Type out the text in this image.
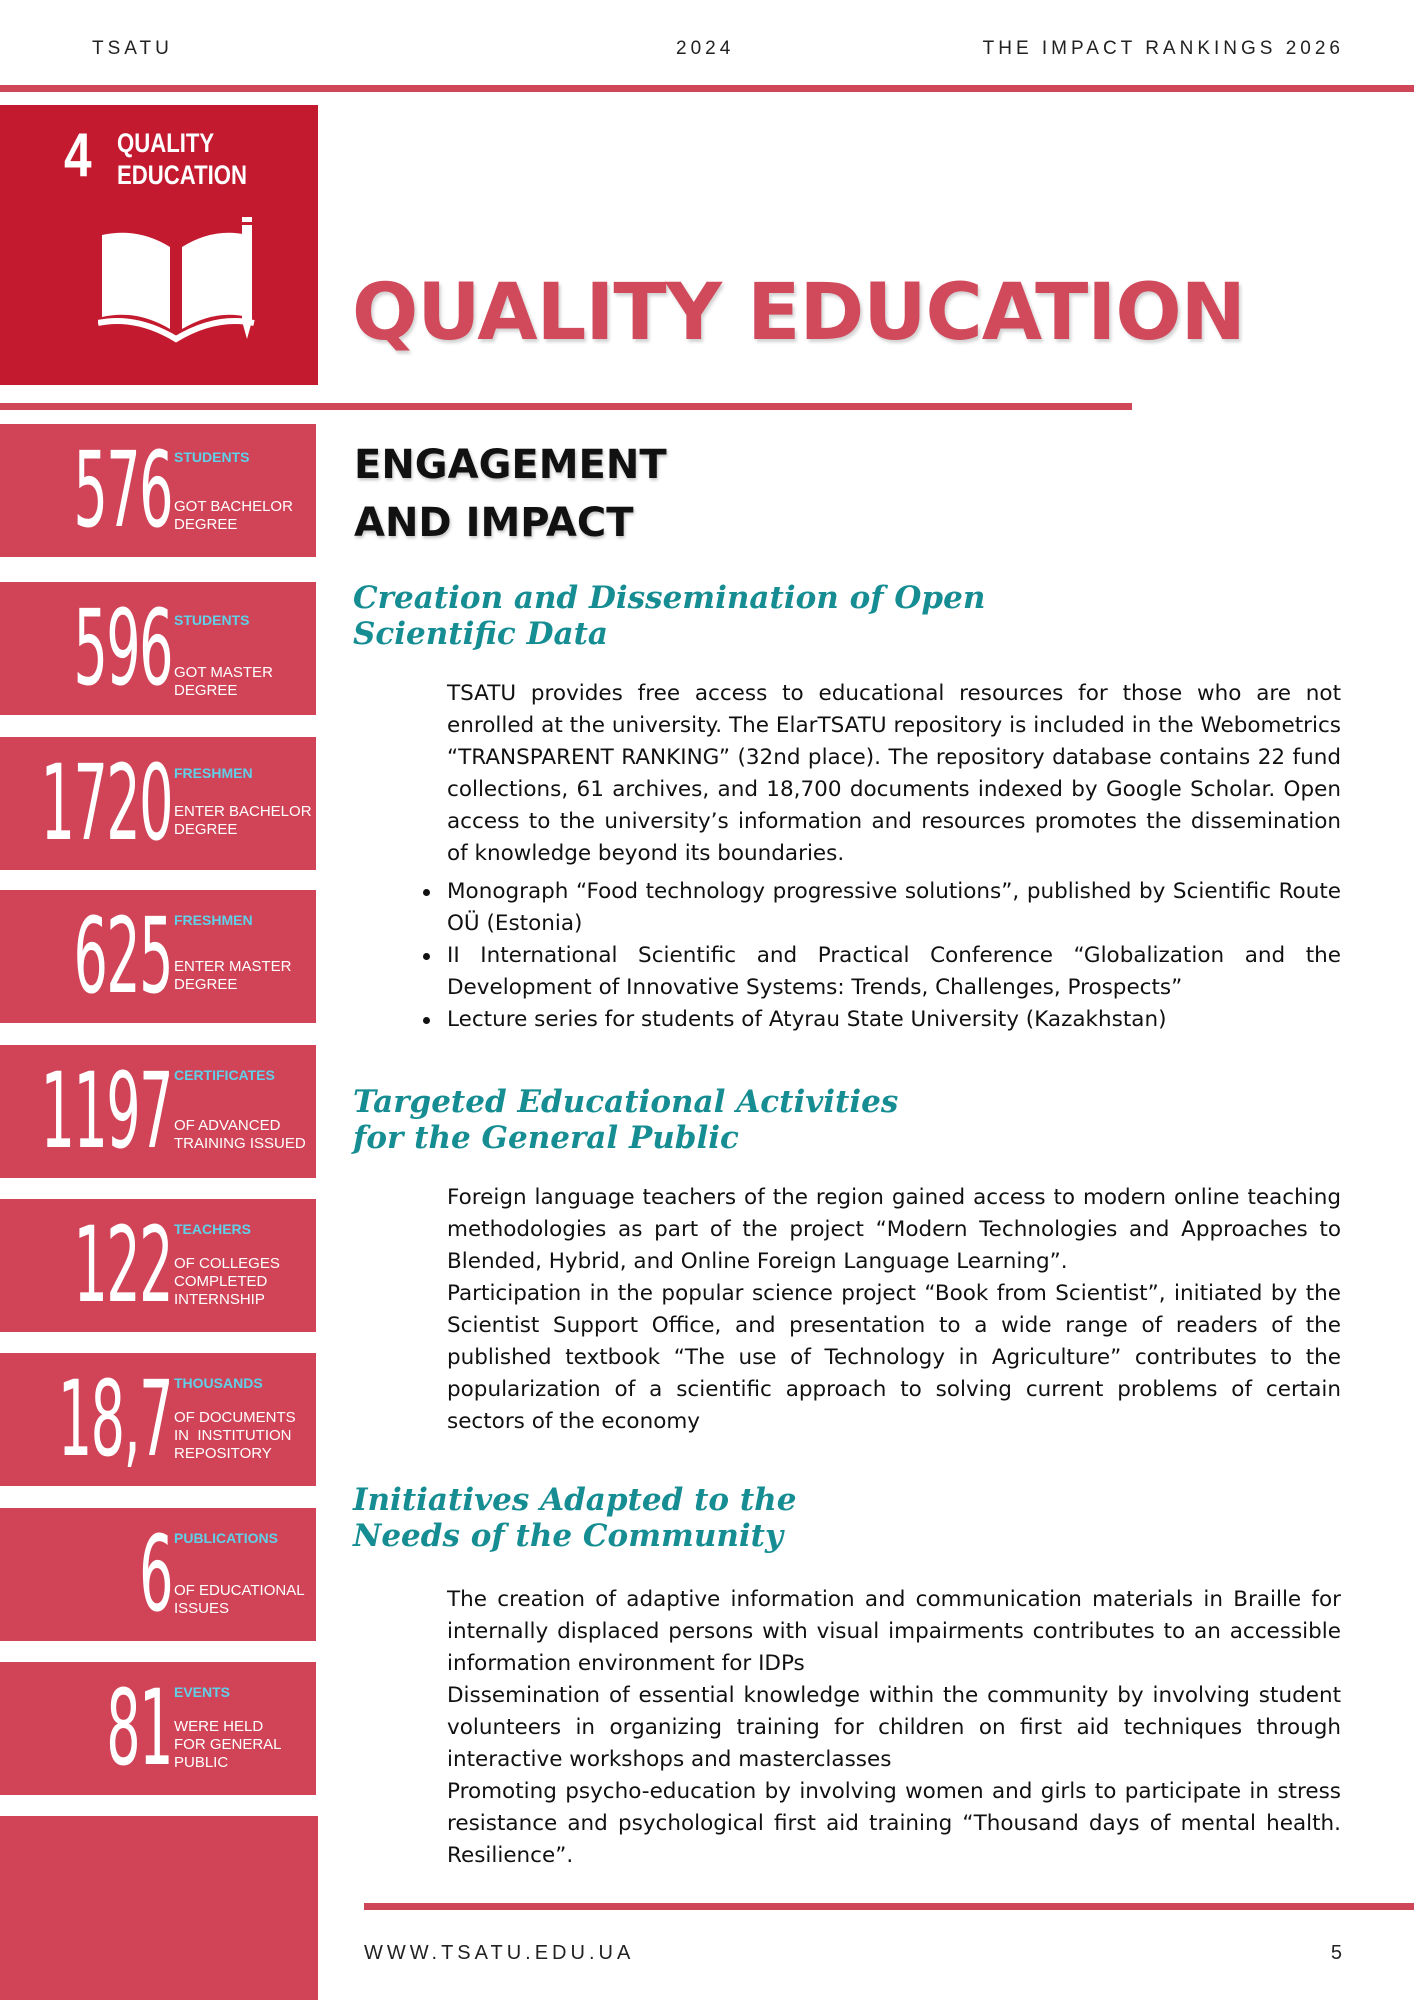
TSATU	2024	THE IMPACT RANKINGS 2026
4 QUALITY
EDUCATION
QUALITY EDUCATION
576 STUDENTS
GOT BACHELOR
DEGREE
596 STUDENTS
GOT MASTER
DEGREE
1720 FRESHMEN
ENTER BACHELOR
DEGREE
625 FRESHMEN
ENTER MASTER
DEGREE
1197 CERTIFICATES
OF ADVANCED
TRAINING ISSUED
122 TEACHERS
OF COLLEGES
COMPLETED
INTERNSHIP
18,7 THOUSANDS
OF DOCUMENTS
IN  INSTITUTION
REPOSITORY
6 PUBLICATIONS
OF EDUCATIONAL
ISSUES
81 EVENTS
WERE HELD
FOR GENERAL
PUBLIC
ENGAGEMENT
AND IMPACT
Creation and Dissemination of Open
Scientific Data
TSATU provides free access to educational resources for those who are not enrolled at the university. The ElarTSATU repository is included in the Webometrics “TRANSPARENT RANKING” (32nd place). The repository database contains 22 fund collections, 61 archives, and 18,700 documents indexed by Google Scholar. Open access to the university’s information and resources promotes the dissemination of knowledge beyond its boundaries.
Monograph “Food technology progressive solutions”, published by Scientific Route OÜ (Estonia)
II International Scientific and Practical Conference “Globalization and the Development of Innovative Systems: Trends, Challenges, Prospects”
Lecture series for students of Atyrau State University (Kazakhstan)
Targeted Educational Activities
for the General Public
Foreign language teachers of the region gained access to modern online teaching methodologies as part of the project “Modern Technologies and Approaches to Blended, Hybrid, and Online Foreign Language Learning”.
Participation in the popular science project “Book from Scientist”, initiated by the Scientist Support Office, and presentation to a wide range of readers of the published textbook “The use of Technology in Agriculture” contributes to the popularization of a scientific approach to solving current problems of certain sectors of the economy
Initiatives Adapted to the
Needs of the Community
The creation of adaptive information and communication materials in Braille for internally displaced persons with visual impairments contributes to an accessible information environment for IDPs
Dissemination of essential knowledge within the community by involving student volunteers in organizing training for children on first aid techniques through interactive workshops and masterclasses
Promoting psycho-education by involving women and girls to participate in stress resistance and psychological first aid training “Thousand days of mental health. Resilience”.
WWW.TSATU.EDU.UA	5
